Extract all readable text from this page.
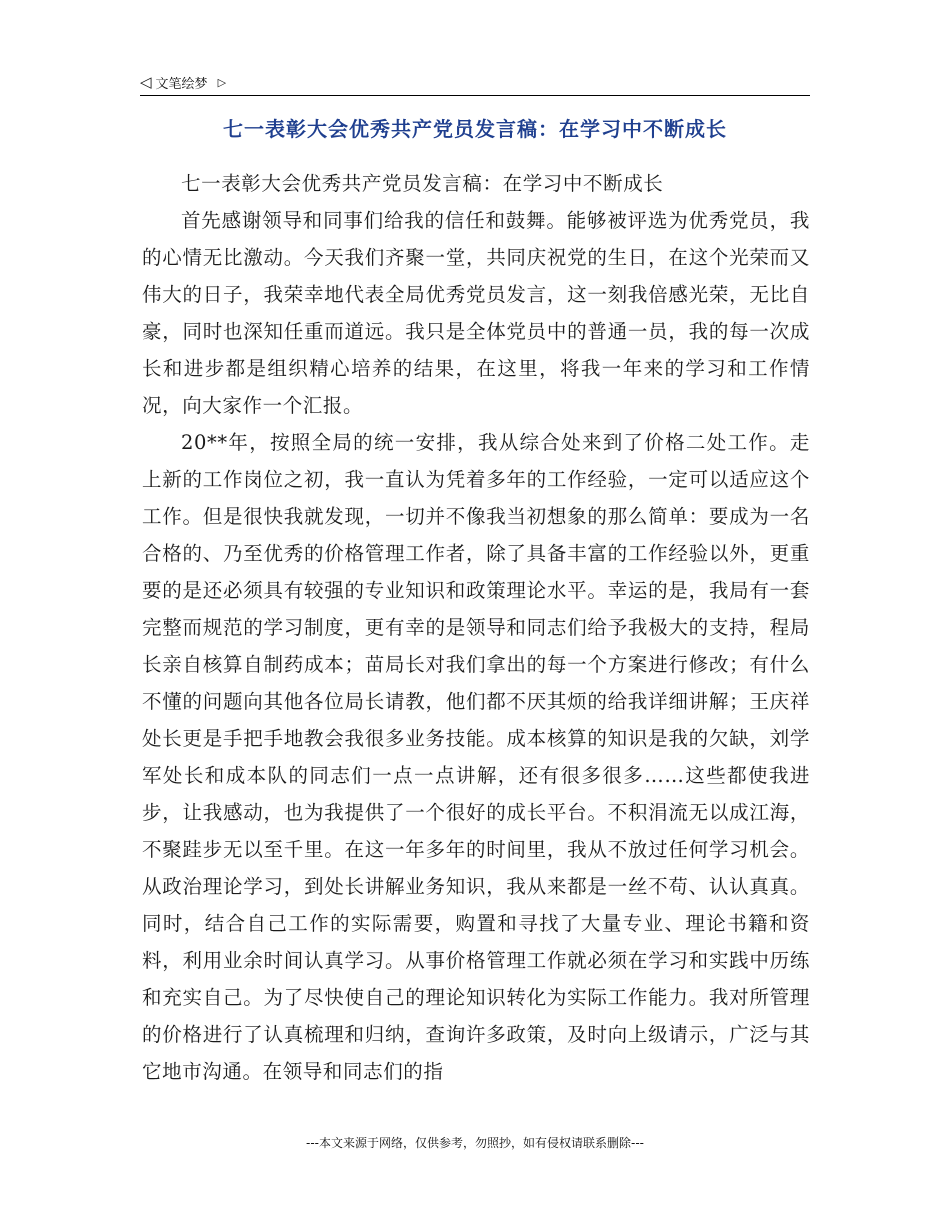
◁ 文笔绘梦 ▷
七一表彰大会优秀共产党员发言稿：在学习中不断成长

七一表彰大会优秀共产党员发言稿：在学习中不断成长

首先感谢领导和同事们给我的信任和鼓舞。能够被评选为优秀党员，我的心情无比激动。今天我们齐聚一堂，共同庆祝党的生日，在这个光荣而又伟大的日子，我荣幸地代表全局优秀党员发言，这一刻我倍感光荣，无比自豪，同时也深知任重而道远。我只是全体党员中的普通一员，我的每一次成长和进步都是组织精心培养的结果，在这里，将我一年来的学习和工作情况，向大家作一个汇报。

20**年，按照全局的统一安排，我从综合处来到了价格二处工作。走上新的工作岗位之初，我一直认为凭着多年的工作经验，一定可以适应这个工作。但是很快我就发现，一切并不像我当初想象的那么简单：要成为一名合格的、乃至优秀的价格管理工作者，除了具备丰富的工作经验以外，更重要的是还必须具有较强的专业知识和政策理论水平。幸运的是，我局有一套完整而规范的学习制度，更有幸的是领导和同志们给予我极大的支持，程局长亲自核算自制药成本；苗局长对我们拿出的每一个方案进行修改；有什么不懂的问题向其他各位局长请教，他们都不厌其烦的给我详细讲解；王庆祥处长更是手把手地教会我很多业务技能。成本核算的知识是我的欠缺，刘学军处长和成本队的同志们一点一点讲解，还有很多很多……这些都使我进步，让我感动，也为我提供了一个很好的成长平台。不积涓流无以成江海，不聚跬步无以至千里。在这一年多年的时间里，我从不放过任何学习机会。从政治理论学习，到处长讲解业务知识，我从来都是一丝不苟、认认真真。同时，结合自己工作的实际需要，购置和寻找了大量专业、理论书籍和资料，利用业余时间认真学习。从事价格管理工作就必须在学习和实践中历练和充实自己。为了尽快使自己的理论知识转化为实际工作能力。我对所管理的价格进行了认真梳理和归纳，查询许多政策，及时向上级请示，广泛与其它地市沟通。在领导和同志们的指

---本文来源于网络，仅供参考，勿照抄，如有侵权请联系删除---
